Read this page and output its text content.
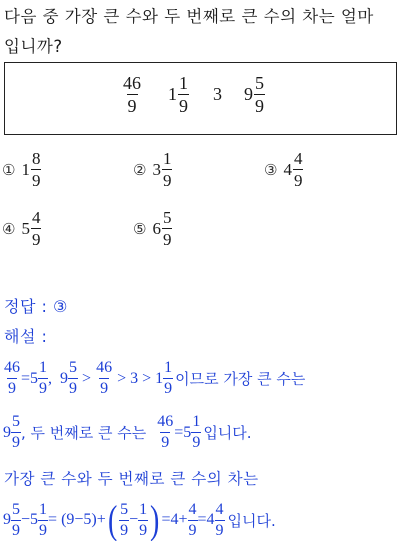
다음 중 가장 큰 수와 두 번째로 큰 수의 차는 얼마
입니까?
$\frac{46}{9} 1 \frac{1}{9} 3$ $9 \frac{5}{9}$
① $1 \frac{8}{9}$	② $3 \frac{1}{9}$	③ $4 \frac{4}{9}$
④ $5 \frac{4}{9}$	⑤ $6 \frac{5}{9}$
정답 : ③
해설 :
$\frac{46}{9} =5 \frac{1}{9}$ ,  $9 \frac{5}{9} > \frac{46}{9} > 3 > 1 \frac{1}{9}$ 이므로 가장 큰 수는
$9 \frac{5}{9}$ , 두 번째로 큰 수는 $\frac{46}{9} =5 \frac{1}{9}$ 입니다.
가장 큰 수와 두 번째로 큰 수의 차는
$9 \frac{5}{9} -5 \frac{1}{9} = (9-5)$ + ( $\frac{5}{9} - \frac{1}{9}$ ) $=4+ \frac{4}{9} =4 \frac{4}{9}$ 입니다.
